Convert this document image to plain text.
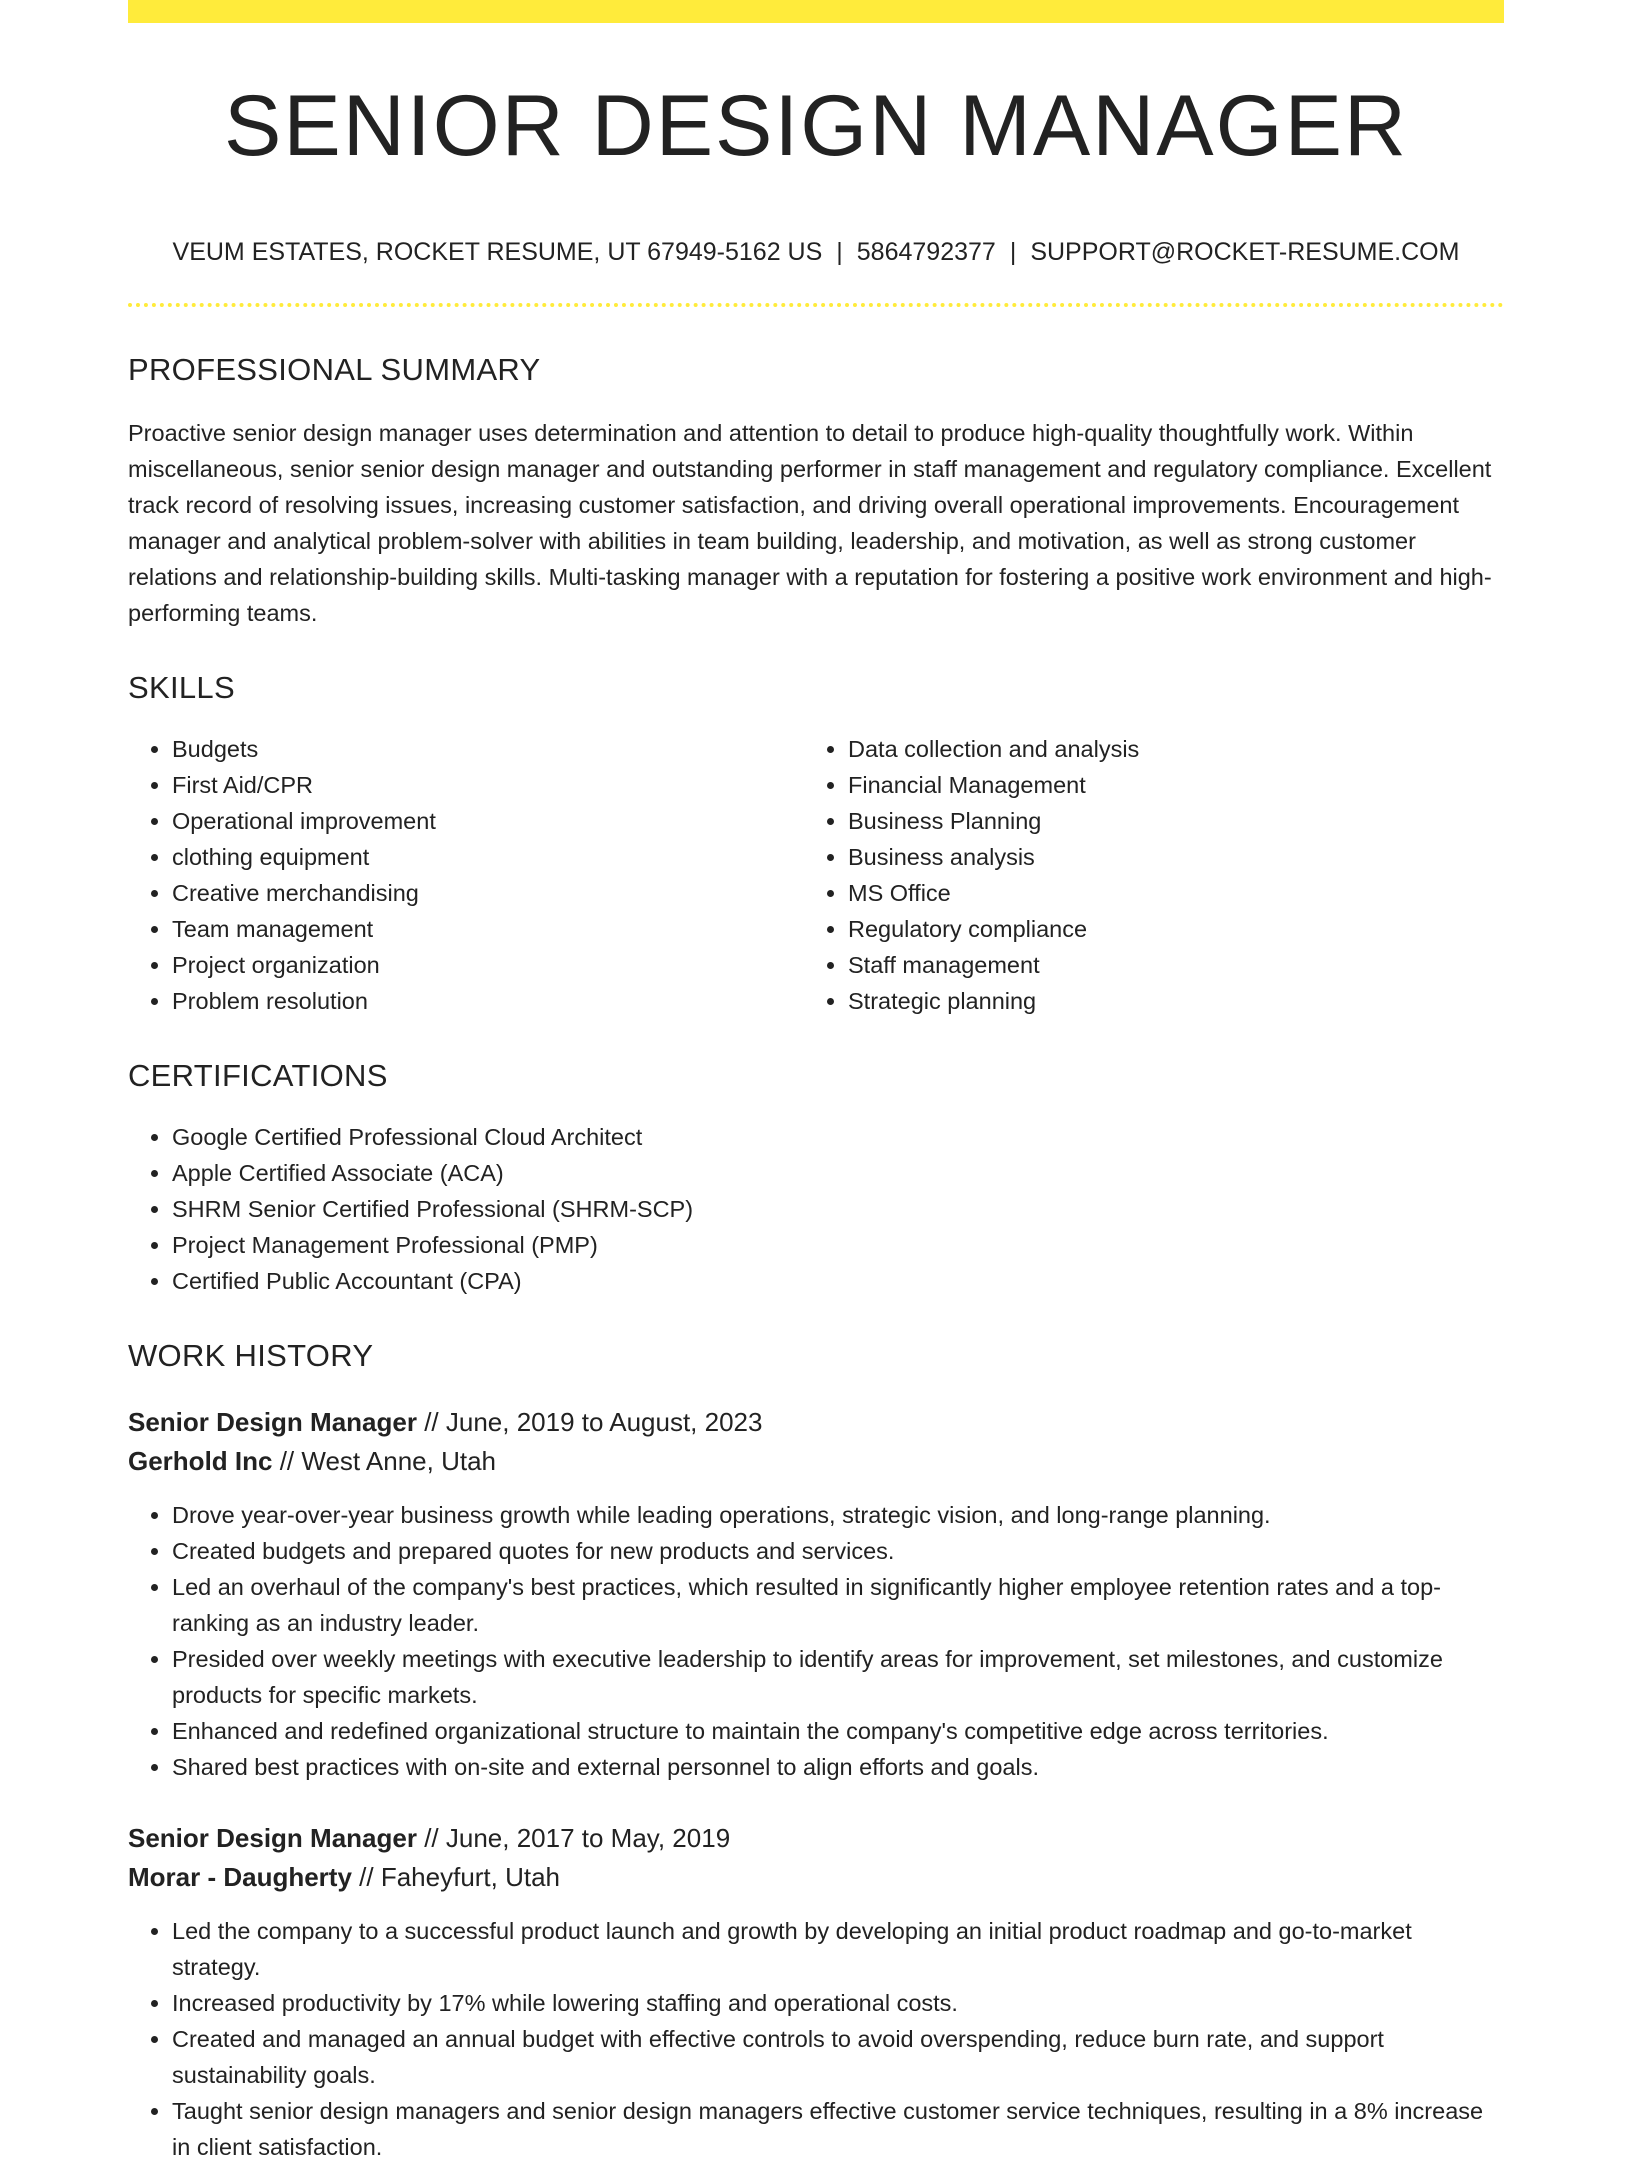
SENIOR DESIGN MANAGER
VEUM ESTATES, ROCKET RESUME, UT 67949-5162 US | 5864792377 | SUPPORT@ROCKET-RESUME.COM
PROFESSIONAL SUMMARY

Proactive senior design manager uses determination and attention to detail to produce high-quality thoughtfully work. Within miscellaneous, senior senior design manager and outstanding performer in staff management and regulatory compliance. Excellent track record of resolving issues, increasing customer satisfaction, and driving overall operational improvements. Encouragement manager and analytical problem-solver with abilities in team building, leadership, and motivation, as well as strong customer relations and relationship-building skills. Multi-tasking manager with a reputation for fostering a positive work environment and high-performing teams.

SKILLS
• Budgets
• First Aid/CPR
• Operational improvement
• clothing equipment
• Creative merchandising
• Team management
• Project organization
• Problem resolution
• Data collection and analysis
• Financial Management
• Business Planning
• Business analysis
• MS Office
• Regulatory compliance
• Staff management
• Strategic planning
CERTIFICATIONS
• Google Certified Professional Cloud Architect
• Apple Certified Associate (ACA)
• SHRM Senior Certified Professional (SHRM-SCP)
• Project Management Professional (PMP)
• Certified Public Accountant (CPA)
WORK HISTORY
Senior Design Manager // June, 2019 to August, 2023
Gerhold Inc // West Anne, Utah
• Drove year-over-year business growth while leading operations, strategic vision, and long-range planning.
• Created budgets and prepared quotes for new products and services.
• Led an overhaul of the company's best practices, which resulted in significantly higher employee retention rates and a top-ranking as an industry leader.
• Presided over weekly meetings with executive leadership to identify areas for improvement, set milestones, and customize products for specific markets.
• Enhanced and redefined organizational structure to maintain the company's competitive edge across territories.
• Shared best practices with on-site and external personnel to align efforts and goals.
Senior Design Manager // June, 2017 to May, 2019
Morar - Daugherty // Faheyfurt, Utah
• Led the company to a successful product launch and growth by developing an initial product roadmap and go-to-market strategy.
• Increased productivity by 17% while lowering staffing and operational costs.
• Created and managed an annual budget with effective controls to avoid overspending, reduce burn rate, and support sustainability goals.
• Taught senior design managers and senior design managers effective customer service techniques, resulting in a 8% increase in client satisfaction.
